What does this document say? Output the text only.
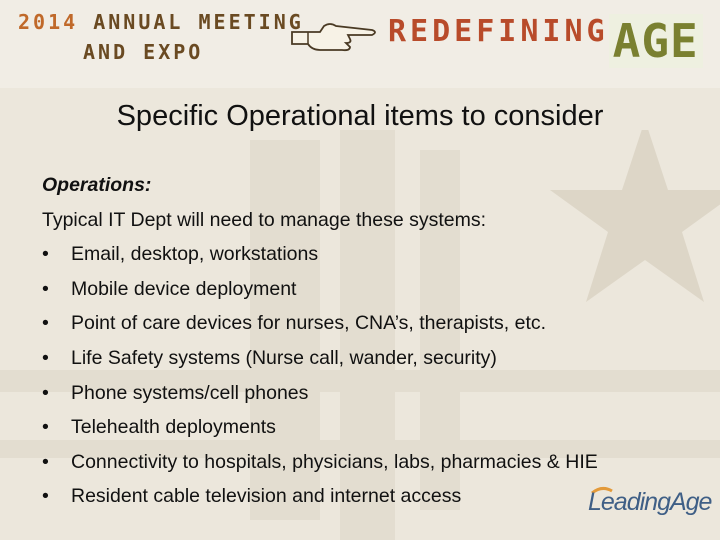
2014 ANNUAL MEETING
AND EXPO
REDEFININGAGE
Specific Operational items to consider
Operations:
Typical IT Dept will need to manage these systems:
• Email, desktop, workstations
• Mobile device deployment
• Point of care devices for nurses, CNA’s, therapists, etc.
• Life Safety systems (Nurse call, wander, security)
• Phone systems/cell phones
• Telehealth deployments
• Connectivity to hospitals, physicians, labs, pharmacies & HIE
• Resident cable television and internet access	LeadingAge
